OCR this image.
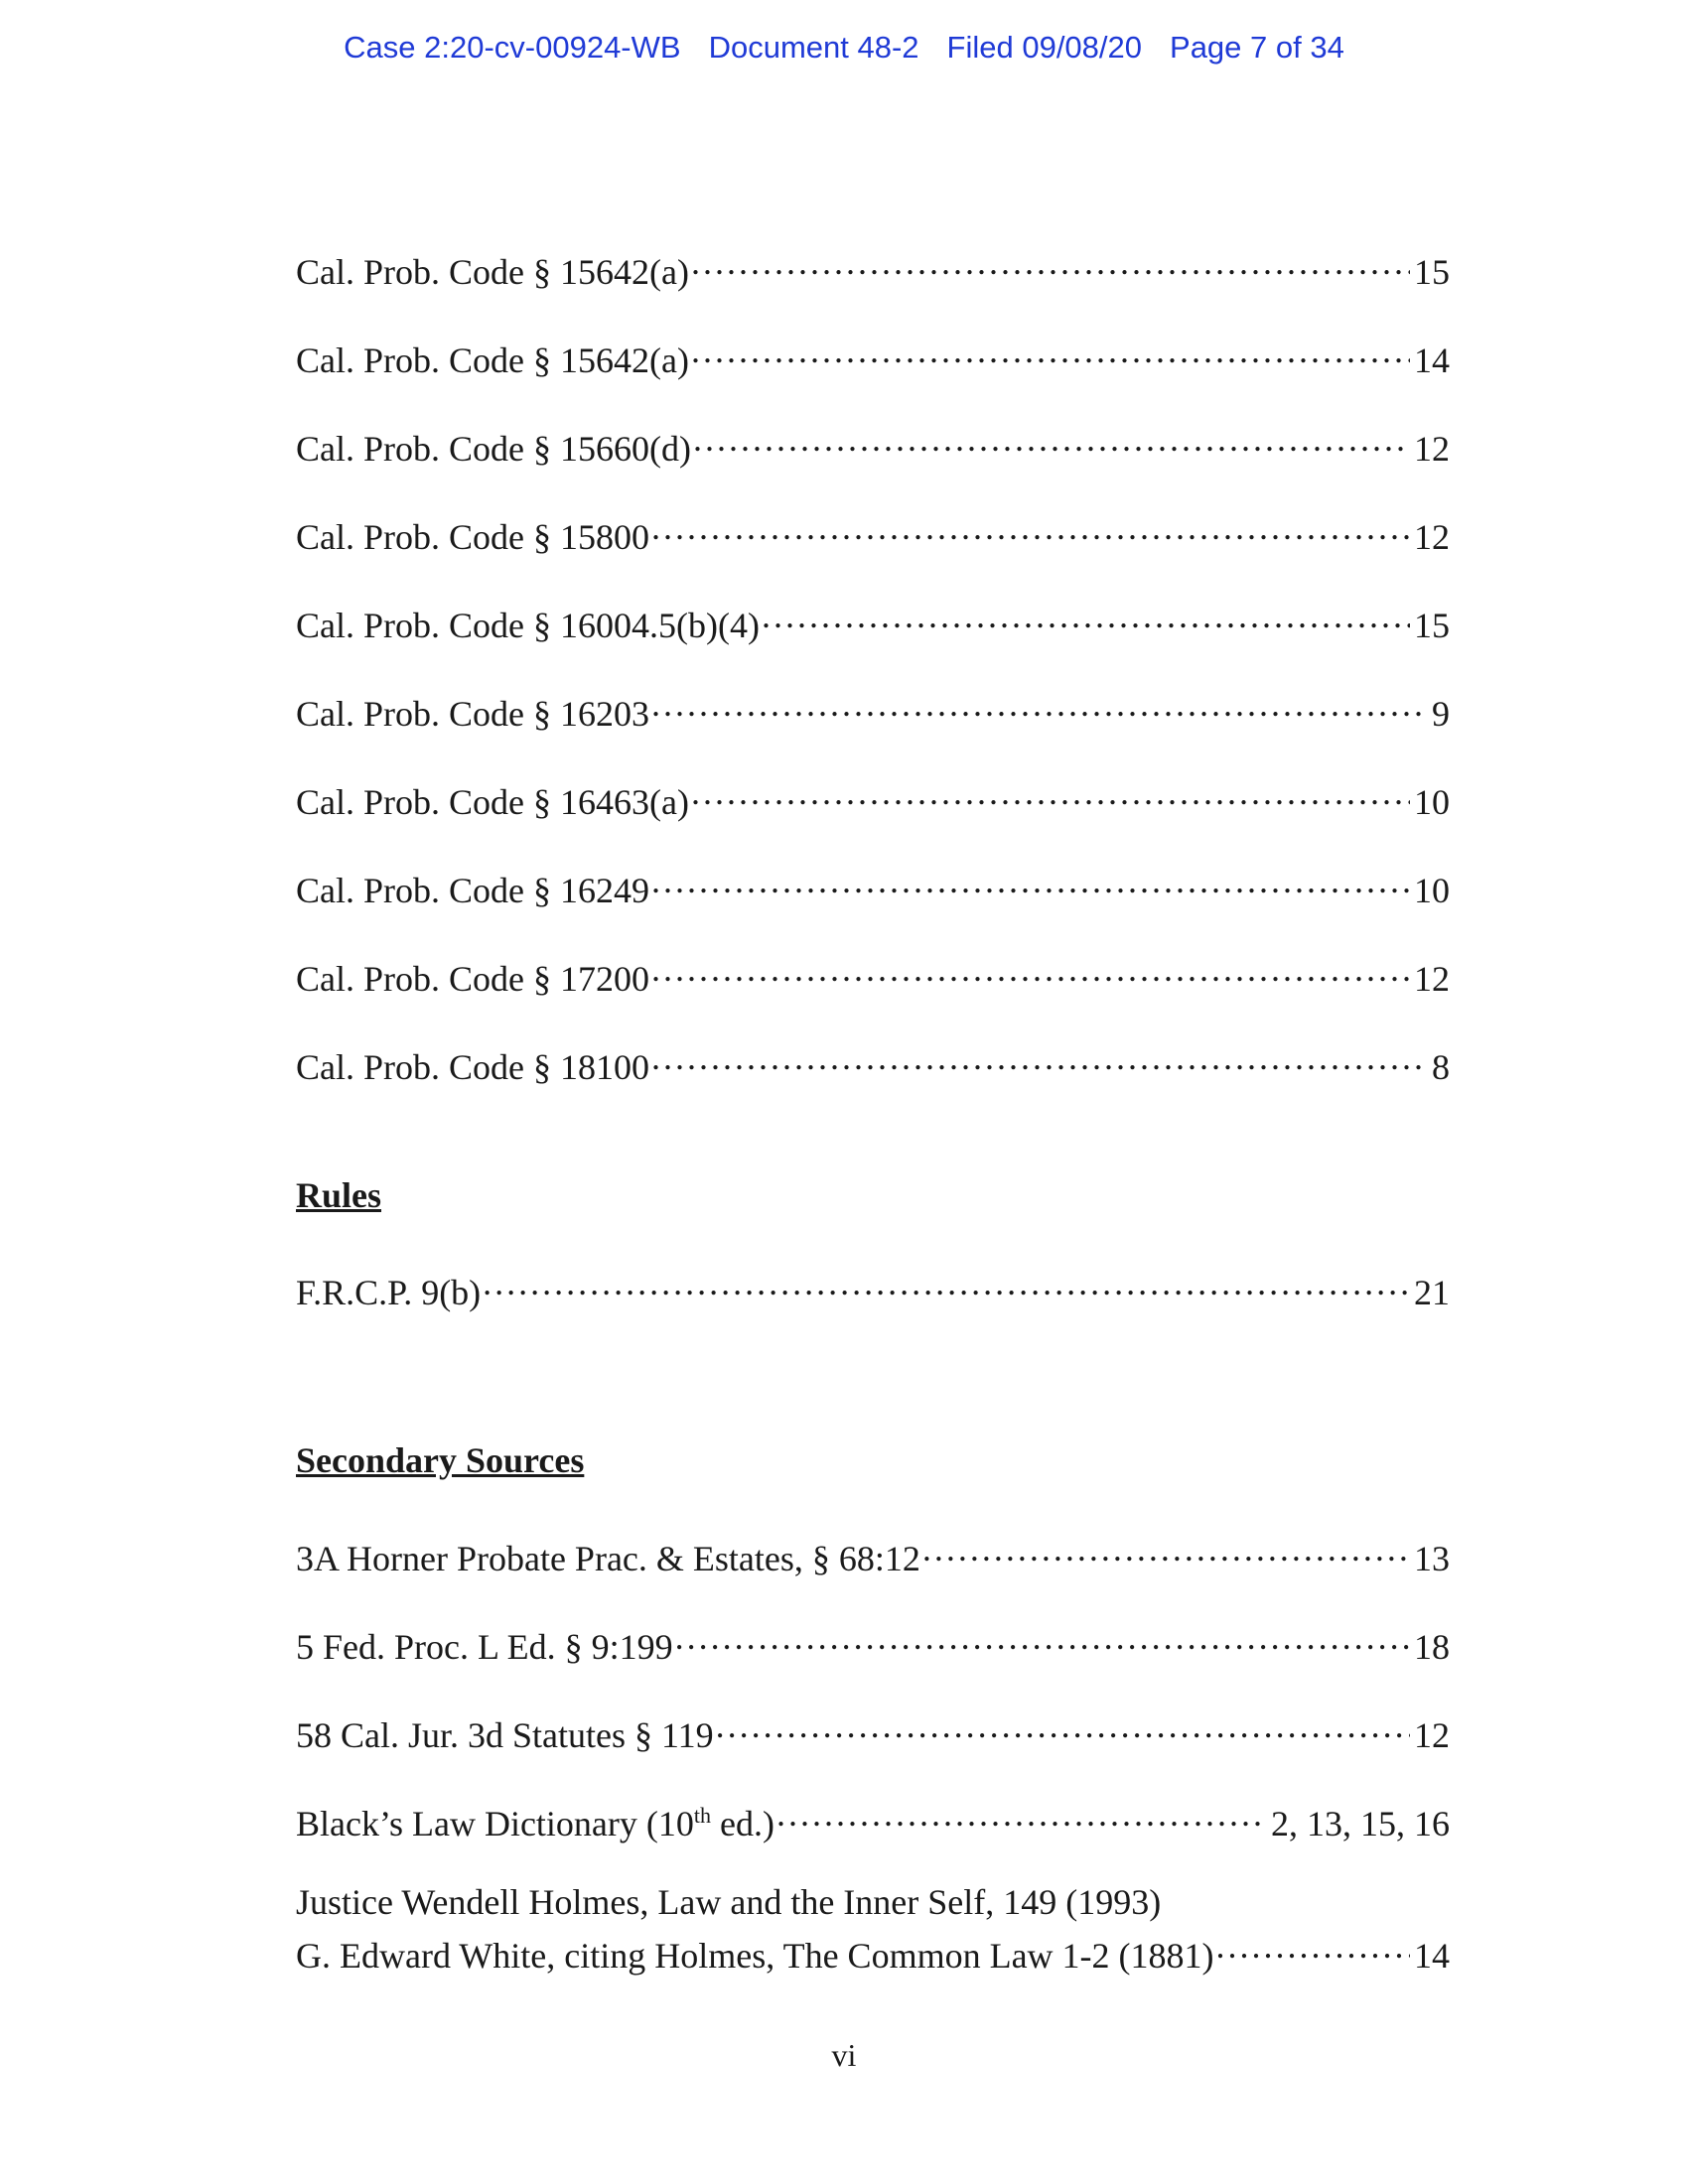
Case 2:20-cv-00924-WB Document 48-2 Filed 09/08/20 Page 7 of 34
Cal. Prob. Code § 15642(a) . . .	15
Cal. Prob. Code § 15642(a) . . .	14
Cal. Prob. Code § 15660(d) . . .	12
Cal. Prob. Code § 15800 . . .	12
Cal. Prob. Code § 16004.5(b)(4) . . .	15
Cal. Prob. Code § 16203 . . .	9
Cal. Prob. Code § 16463(a) . . .	10
Cal. Prob. Code § 16249 . . .	10
Cal. Prob. Code § 17200 . . .	12
Cal. Prob. Code § 18100 . . .	8
Rules
F.R.C.P. 9(b) . . .	21
Secondary Sources
3A Horner Probate Prac. & Estates, § 68:12 . . .	13
5 Fed. Proc. L Ed. § 9:199 . . .	18
58 Cal. Jur. 3d Statutes § 119 . . .	12
Black’s Law Dictionary (10th ed.) . . .	2, 13, 15, 16
Justice Wendell Holmes, Law and the Inner Self, 149 (1993)
G. Edward White, citing Holmes, The Common Law 1-2 (1881) . . .	14
vi
